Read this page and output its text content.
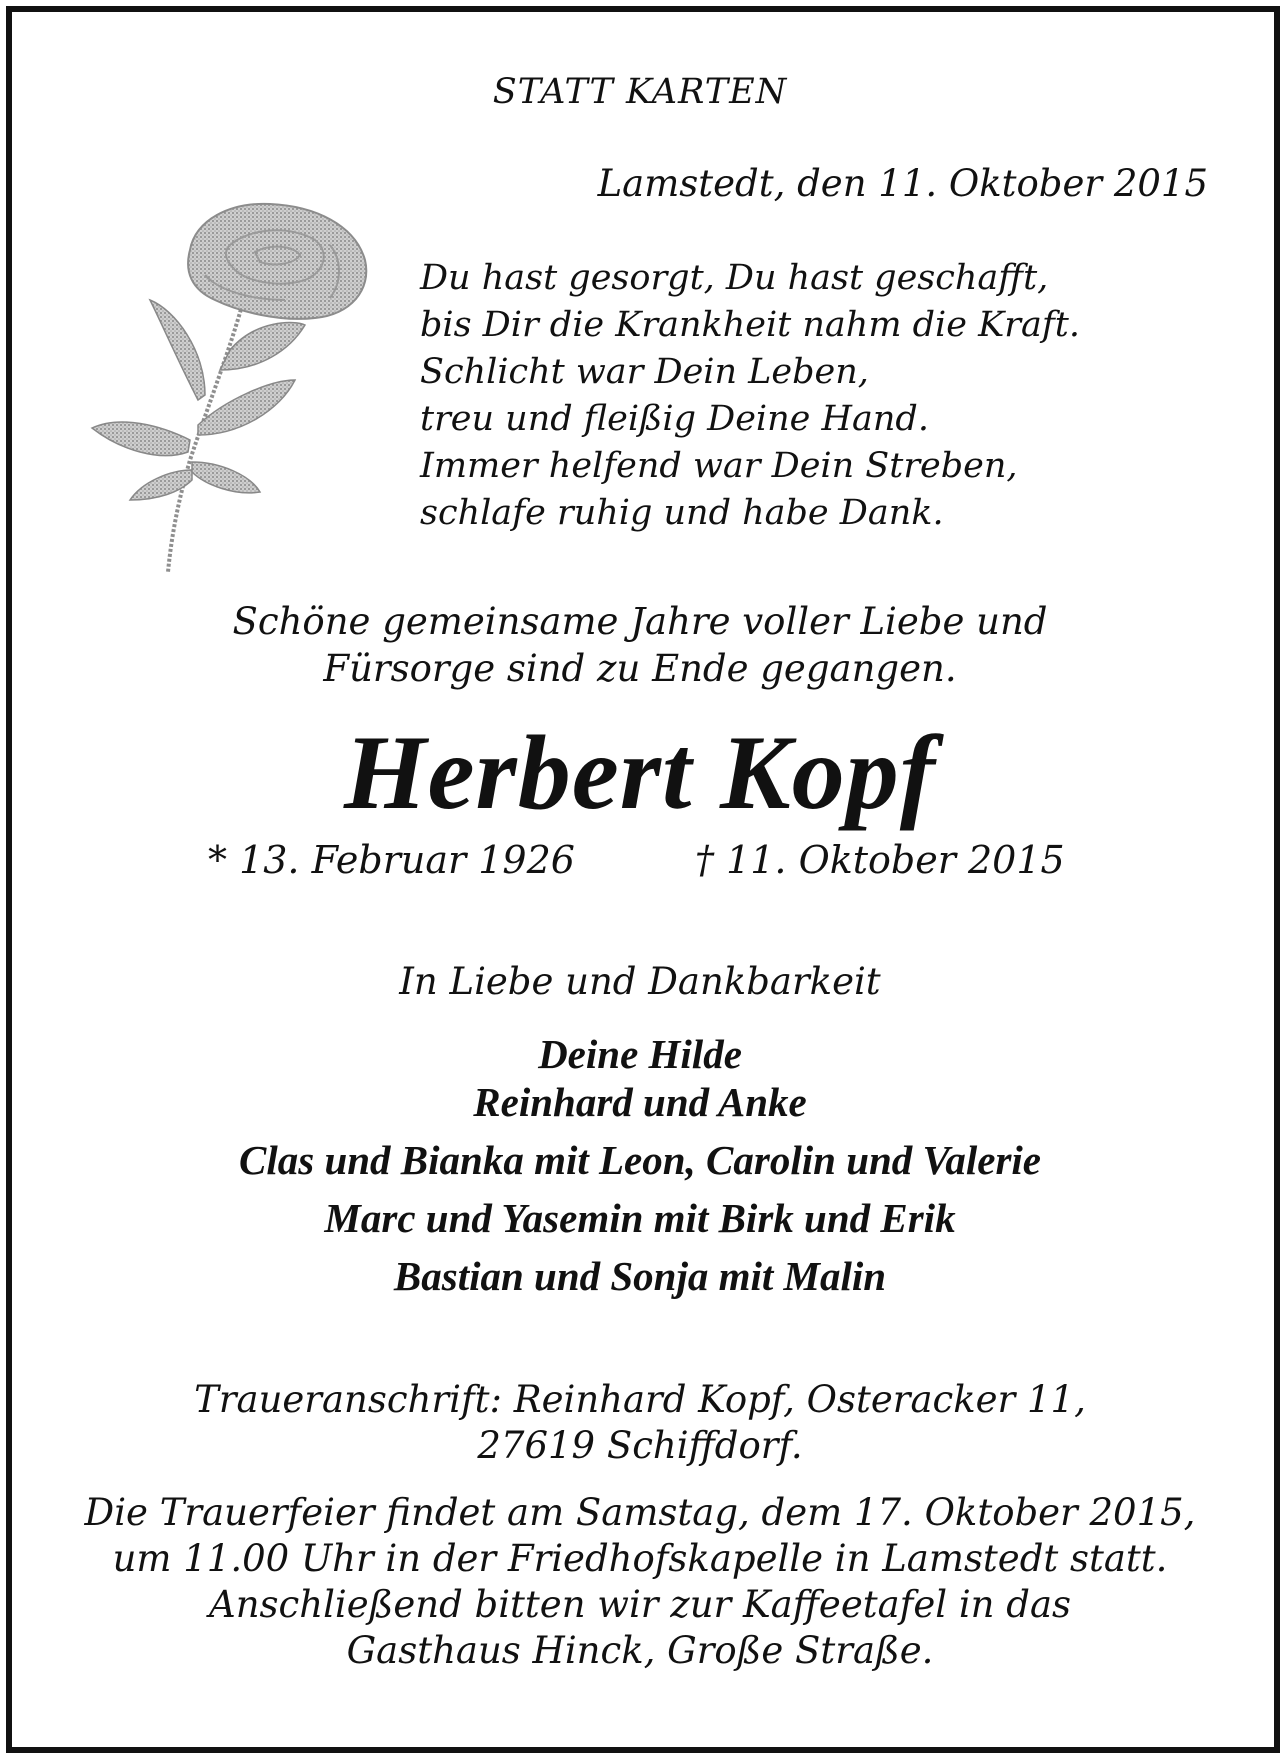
STATT KARTEN
Lamstedt, den 11. Oktober 2015
Du hast gesorgt, Du hast geschafft,
bis Dir die Krankheit nahm die Kraft.
Schlicht war Dein Leben,
treu und fleißig Deine Hand.
Immer helfend war Dein Streben,
schlafe ruhig und habe Dank.
Schöne gemeinsame Jahre voller Liebe und
Fürsorge sind zu Ende gegangen.
Herbert Kopf
* 13. Februar 1926	† 11. Oktober 2015
In Liebe und Dankbarkeit
Deine Hilde
Reinhard und Anke
Clas und Bianka mit Leon, Carolin und Valerie
Marc und Yasemin mit Birk und Erik
Bastian und Sonja mit Malin
Traueranschrift: Reinhard Kopf, Osteracker 11,
27619 Schiffdorf.
Die Trauerfeier findet am Samstag, dem 17. Oktober 2015,
um 11.00 Uhr in der Friedhofskapelle in Lamstedt statt.
Anschließend bitten wir zur Kaffeetafel in das
Gasthaus Hinck, Große Straße.
